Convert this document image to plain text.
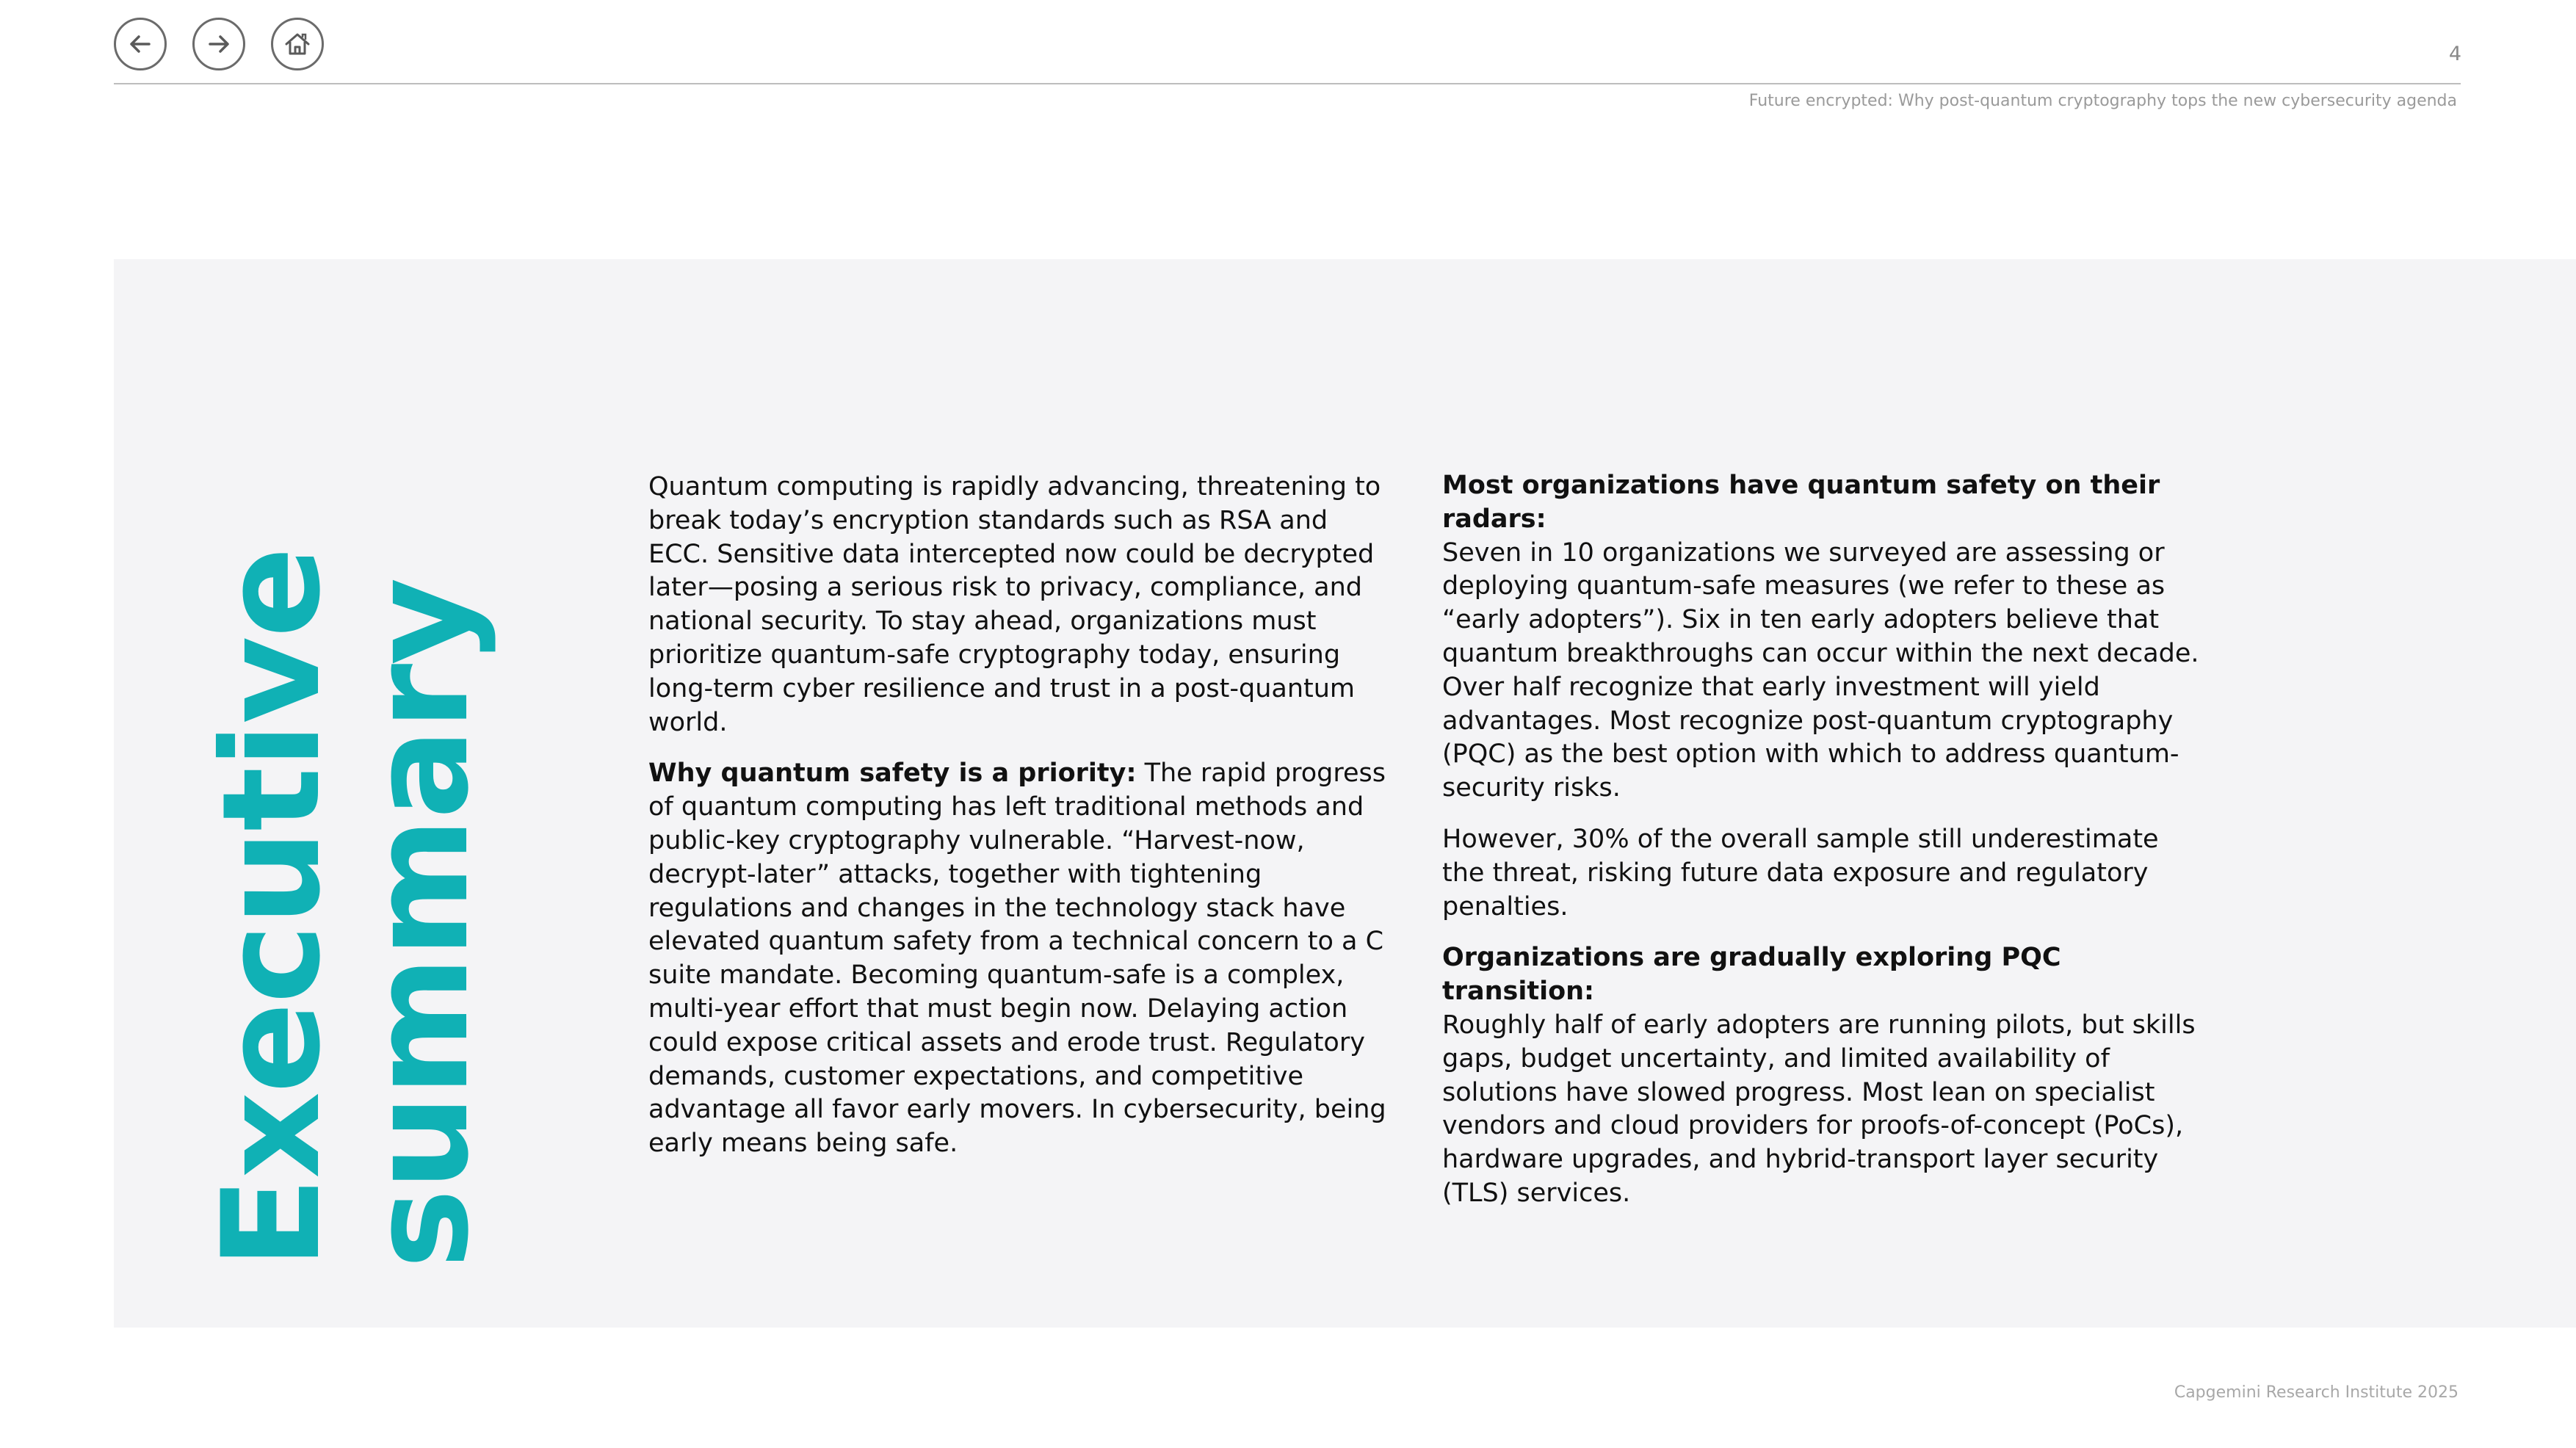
4
Future encrypted: Why post-quantum cryptography tops the new cybersecurity agenda
Executive
summary

Quantum computing is rapidly advancing, threatening to break today’s encryption standards such as RSA and ECC. Sensitive data intercepted now could be decrypted later—posing a serious risk to privacy, compliance, and national security. To stay ahead, organizations must prioritize quantum-safe cryptography today, ensuring long-term cyber resilience and trust in a post-quantum world.

Why quantum safety is a priority: The rapid progress of quantum computing has left traditional methods and public-key cryptography vulnerable. “Harvest-now, decrypt-later” attacks, together with tightening regulations and changes in the technology stack have elevated quantum safety from a technical concern to a C suite mandate. Becoming quantum-safe is a complex, multi-year effort that must begin now. Delaying action could expose critical assets and erode trust. Regulatory demands, customer expectations, and competitive advantage all favor early movers. In cybersecurity, being early means being safe.

Most organizations have quantum safety on their radars:
Seven in 10 organizations we surveyed are assessing or deploying quantum-safe measures (we refer to these as “early adopters”). Six in ten early adopters believe that quantum breakthroughs can occur within the next decade. Over half recognize that early investment will yield advantages. Most recognize post-quantum cryptography (PQC) as the best option with which to address quantum-security risks.

However, 30% of the overall sample still underestimate the threat, risking future data exposure and regulatory penalties.

Organizations are gradually exploring PQC transition:
Roughly half of early adopters are running pilots, but skills gaps, budget uncertainty, and limited availability of solutions have slowed progress. Most lean on specialist vendors and cloud providers for proofs-of-concept (PoCs), hardware upgrades, and hybrid-transport layer security (TLS) services.

Capgemini Research Institute 2025
